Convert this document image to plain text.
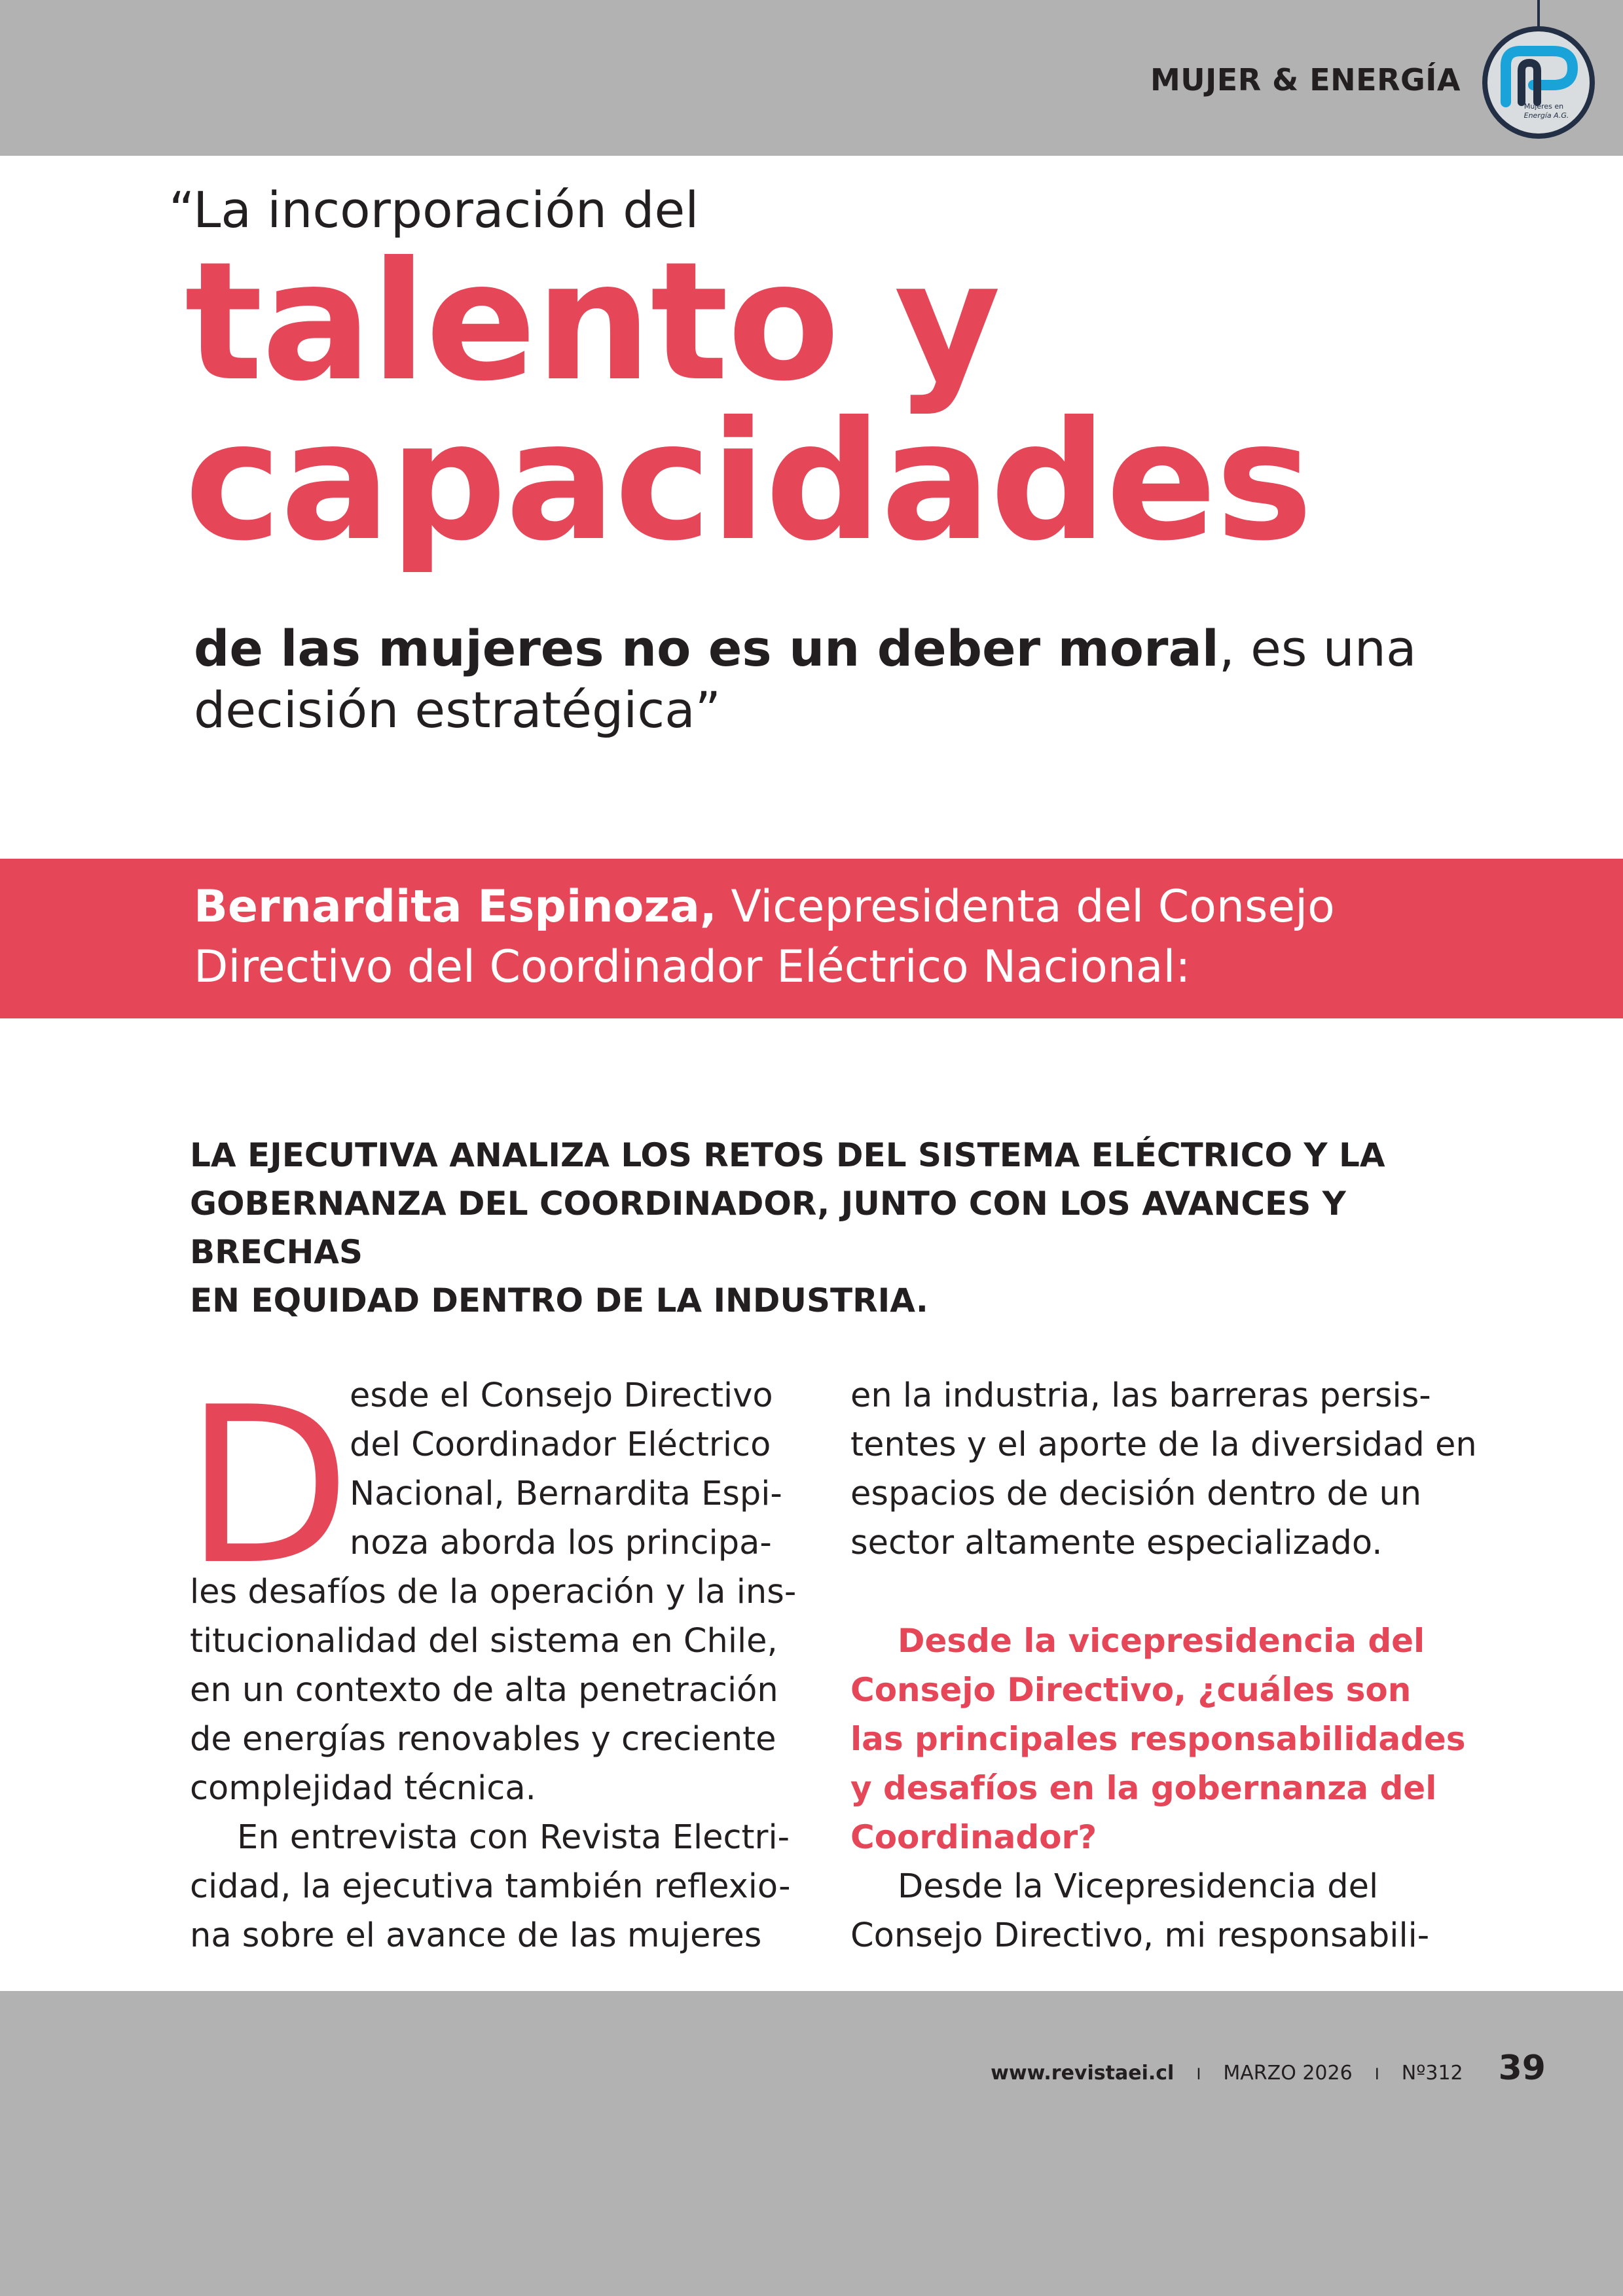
MUJER & ENERGÍA
Mujeres en
Energía A.G.
“La incorporación del
talento y
capacidades
de las mujeres no es un deber moral, es una
decisión estratégica”
Bernardita Espinoza, Vicepresidenta del Consejo
Directivo del Coordinador Eléctrico Nacional:
LA EJECUTIVA ANALIZA LOS RETOS DEL SISTEMA ELÉCTRICO Y LA
GOBERNANZA DEL COORDINADOR, JUNTO CON LOS AVANCES Y BRECHAS
EN EQUIDAD DENTRO DE LA INDUSTRIA.
D
esde el Consejo Directivo
del Coordinador Eléctrico
Nacional, Bernardita Espi-
noza aborda los principa-
les desafíos de la operación y la ins-
titucionalidad del sistema en Chile,
en un contexto de alta penetración
de energías renovables y creciente
complejidad técnica.
En entrevista con Revista Electri-
cidad, la ejecutiva también reflexio-
na sobre el avance de las mujeres
en la industria, las barreras persis-
tentes y el aporte de la diversidad en
espacios de decisión dentro de un
sector altamente especializado.
Desde la vicepresidencia del
Consejo Directivo, ¿cuáles son
las principales responsabilidades
y desafíos en la gobernanza del
Coordinador?
Desde la Vicepresidencia del
Consejo Directivo, mi responsabili-
www.revistaei.cl I MARZO 2026 I Nº312 39
